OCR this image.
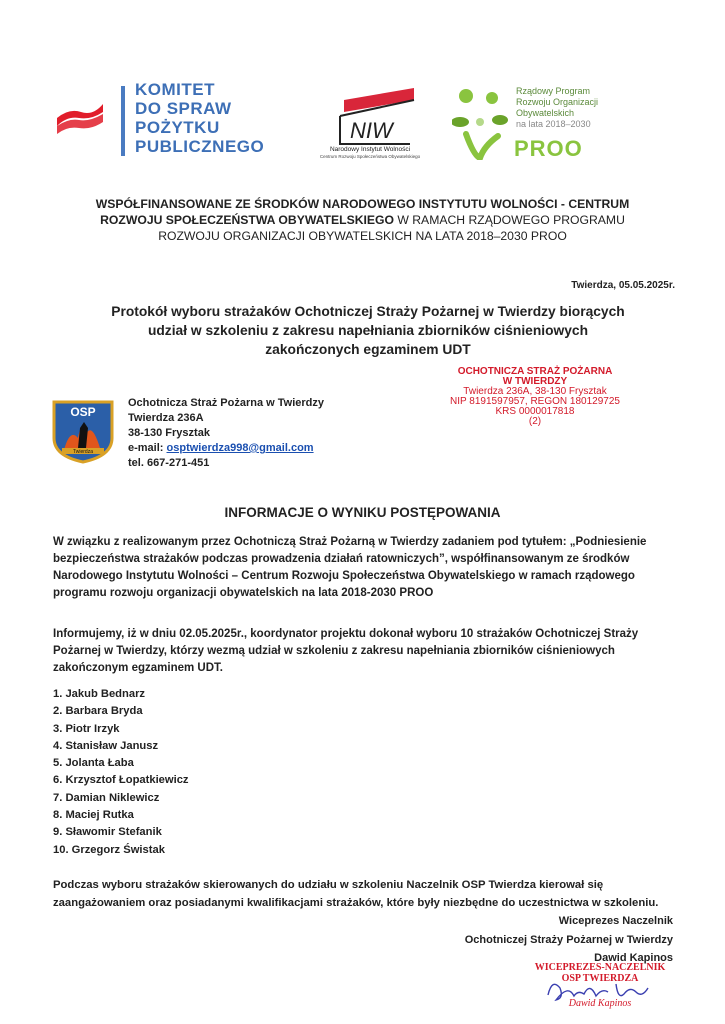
KOMITET
DO SPRAW
POŻYTKU
PUBLICZNEGO
NIW
Narodowy Instytut Wolności
Centrum Rozwoju Społeczeństwa Obywatelskiego
Rządowy Program
Rozwoju Organizacji
Obywatelskich
na lata 2018–2030
PROO
WSPÓŁFINANSOWANE ZE ŚRODKÓW NARODOWEGO INSTYTUTU WOLNOŚCI - CENTRUM ROZWOJU SPOŁECZEŃSTWA OBYWATELSKIEGO W RAMACH RZĄDOWEGO PROGRAMU ROZWOJU ORGANIZACJI OBYWATELSKICH NA LATA 2018–2030 PROO
Twierdza, 05.05.2025r.
Protokół wyboru strażaków Ochotniczej Straży Pożarnej w Twierdzy biorących udział w szkoleniu z zakresu napełniania zbiorników ciśnieniowych zakończonych egzaminem UDT
OCHOTNICZA STRAŻ POŻARNA
W TWIERDZY
Twierdza 236A, 38-130 Frysztak
NIP 8191597957, REGON 180129725
KRS 0000017818
(2)
OSP
Twierdza
Ochotnicza Straż Pożarna w Twierdzy
Twierdza 236A
38-130 Frysztak
e-mail: osptwierdza998@gmail.com
tel. 667-271-451
INFORMACJE O WYNIKU POSTĘPOWANIA
W związku z realizowanym przez Ochotniczą Straż Pożarną w Twierdzy zadaniem pod tytułem: „Podniesienie bezpieczeństwa strażaków podczas prowadzenia działań ratowniczych”, współfinansowanym ze środków Narodowego Instytutu Wolności – Centrum Rozwoju Społeczeństwa Obywatelskiego w ramach rządowego programu rozwoju organizacji obywatelskich na lata 2018-2030 PROO
Informujemy, iż w dniu 02.05.2025r., koordynator projektu dokonał wyboru 10 strażaków Ochotniczej Straży Pożarnej w Twierdzy, którzy wezmą udział w szkoleniu z zakresu napełniania zbiorników ciśnieniowych zakończonym egzaminem UDT.
1. Jakub Bednarz
2. Barbara Bryda
3. Piotr Irzyk
4. Stanisław Janusz
5. Jolanta Łaba
6. Krzysztof Łopatkiewicz
7. Damian Niklewicz
8. Maciej Rutka
9. Sławomir Stefanik
10. Grzegorz Świstak
Podczas wyboru strażaków skierowanych do udziału w szkoleniu Naczelnik OSP Twierdza kierował się zaangażowaniem oraz posiadanymi kwalifikacjami strażaków, które były niezbędne do uczestnictwa w szkoleniu.
Wiceprezes Naczelnik
Ochotniczej Straży Pożarnej w Twierdzy
Dawid Kapinos
WICEPREZES-NACZELNIK
OSP TWIERDZA
Dawid Kapinos
